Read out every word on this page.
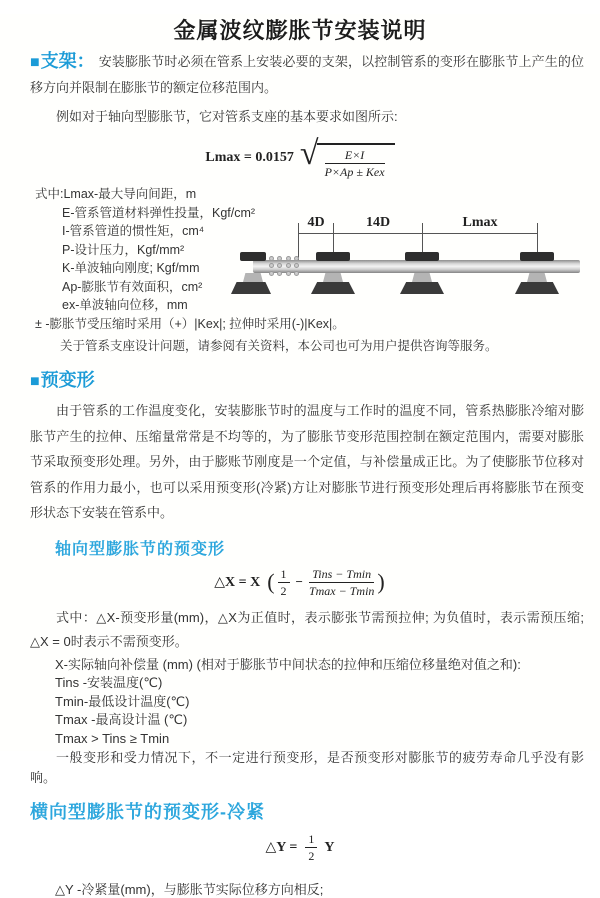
金属波纹膨胀节安装说明

■支架： 安装膨胀节时必须在管系上安装必要的支架，以控制管系的变形在膨胀节上产生的位移方向并限制在膨胀节的额定位移范围内。

例如对于轴向型膨胀节，它对管系支座的基本要求如图所示:

Lmax = 0.0157 √ $\frac{E\times I}{\text{P×Ap ± Kex}}$
式中:Lmax-最大导向间距，m
E-管系管道材料弹性投量，Kgf/cm²
I-管系管道的惯性矩，cm⁴
P-设计压力，Kgf/mm²
K-单波轴向刚度; Kgf/mm
Ap-膨胀节有效面积，cm²
ex-单波轴向位移，mm
± -膨胀节受压缩时采用（+）|Kex|; 拉伸时采用(-)|Kex|。
关于管系支座设计问题，请参阅有关资料，本公司也可为用户提供咨询等服务。
4D	14D	Lmax
■预变形

由于管系的工作温度变化，安装膨胀节时的温度与工作时的温度不同，管系热膨胀冷缩对膨胀节产生的拉伸、压缩量常常是不均等的，为了膨胀节变形范围控制在额定范围内，需要对膨胀节采取预变形处理。另外，由于膨账节刚度是一个定值，与补偿量成正比。为了使膨胀节位移对管系的作用力最小，也可以采用预变形(冷紧)方让对膨胀节进行预变形处理后再将膨胀节在预变形状态下安装在管系中。

轴向型膨胀节的预变形
△X = X ( $\frac{1}{2} - \frac{\text{Tins − Tmin}}{Tmax - Tmin}$ )

式中：△X-预变形量(mm)，△X为正值时，表示膨张节需预拉伸; 为负值时，表示需预压缩; △X = 0时表示不需预变形。

X-实际轴向补偿量 (mm) (相对于膨胀节中间状态的拉伸和压缩位移量绝对值之和):
Tins -安装温度(℃)
Tmin-最低设计温度(℃)
Tmax -最高设计温 (℃)
Tmax > Tins ≥ Tmin

一般变形和受力情况下，不一定进行预变形，是否预变形对膨胀节的疲劳寿命几乎没有影响。

横向型膨胀节的预变形-冷紧
△Y = $\frac{1}{2}$ Y

△Y -冷紧量(mm)，与膨胀节实际位移方向相反;
